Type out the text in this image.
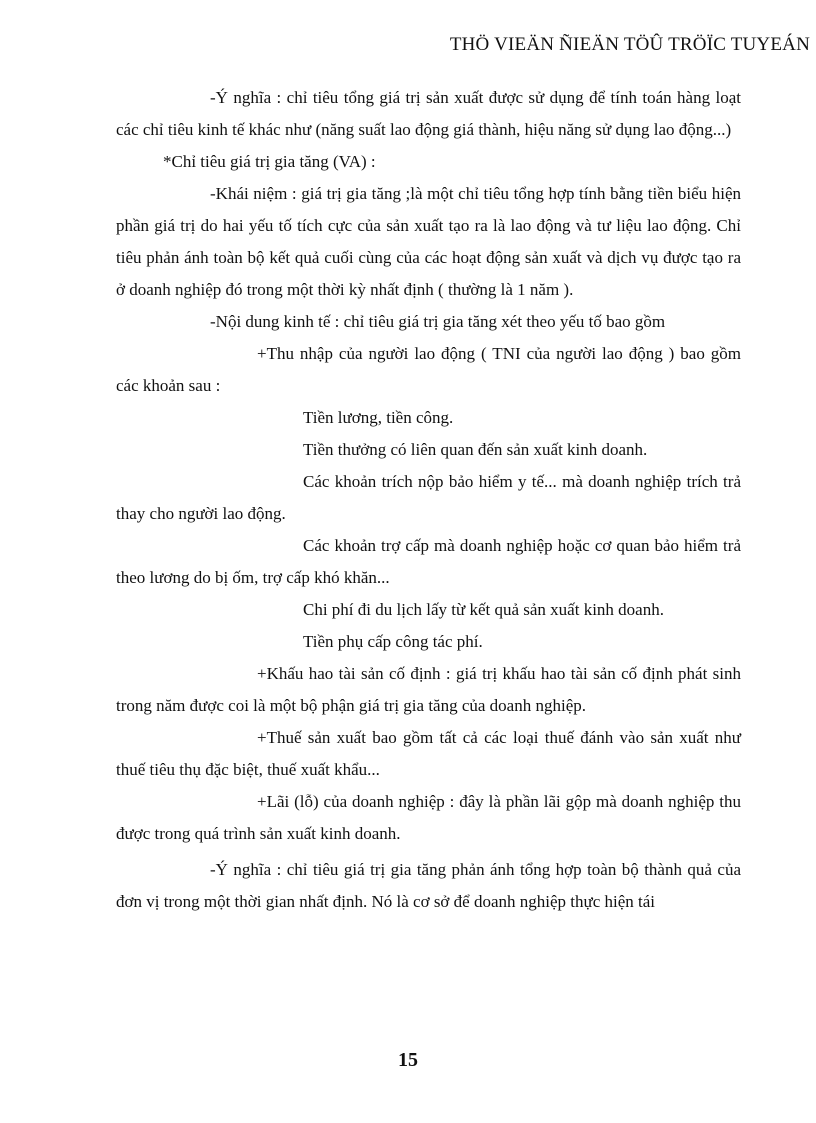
THÖ VIEÄN ÑIEÄN TÖÛ TRÖÏC TUYEÁN

-Ý nghĩa : chỉ tiêu tổng giá trị sản xuất được sử dụng để tính toán hàng loạt các chỉ tiêu kinh tế khác như (năng suất lao động giá thành, hiệu năng sử dụng lao động...)

*Chỉ tiêu giá trị gia tăng (VA) :

-Khái niệm : giá trị gia tăng ;là một chỉ tiêu tổng hợp tính bằng tiền biểu hiện phần giá trị do hai yếu tố tích cực của sản xuất tạo ra là lao động và tư liệu lao động. Chỉ tiêu phản ánh toàn bộ kết quả cuối cùng của các hoạt động sản xuất và dịch vụ được tạo ra ở doanh nghiệp đó trong một thời kỳ nhất định ( thường là 1 năm ).

-Nội dung kinh tế : chỉ tiêu giá trị gia tăng xét theo yếu tố bao gồm

+Thu nhập của người lao động ( TNI của người lao động ) bao gồm các khoản sau :

Tiền lương, tiền công.

Tiền thưởng có liên quan đến sản xuất kinh doanh.

Các khoản trích nộp bảo hiểm y tế... mà doanh nghiệp trích trả thay cho người lao động.

Các khoản trợ cấp mà doanh nghiệp hoặc cơ quan bảo hiểm trả theo lương do bị ốm, trợ cấp khó khăn...

Chi phí đi du lịch lấy từ kết quả sản xuất kinh doanh.

Tiền phụ cấp công tác phí.

+Khấu hao tài sản cố định : giá trị khấu hao tài sản cố định phát sinh trong năm được coi là một bộ phận giá trị gia tăng của doanh nghiệp.

+Thuế sản xuất bao gồm tất cả các loại thuế đánh vào sản xuất như thuế tiêu thụ đặc biệt, thuế xuất khẩu...

+Lãi (lỗ) của doanh nghiệp : đây là phần lãi gộp mà doanh nghiệp thu được trong quá trình sản xuất kinh doanh.

-Ý nghĩa : chỉ tiêu giá trị gia tăng phản ánh tổng hợp toàn bộ thành quả của đơn vị trong một thời gian nhất định. Nó là cơ sở để doanh nghiệp thực hiện tái

15
